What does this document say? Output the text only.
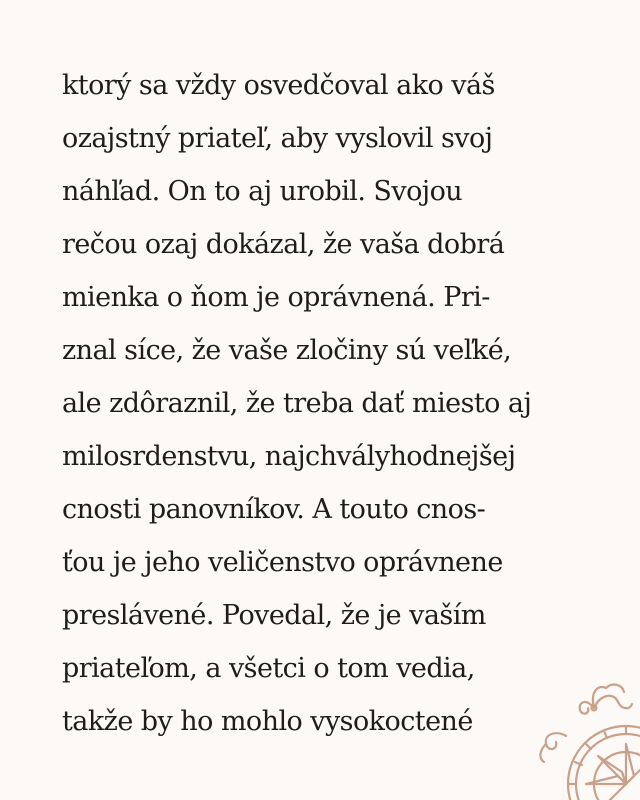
ktorý sa vždy osvedčoval ako váš
ozajstný priateľ, aby vyslovil svoj
náhľad. On to aj urobil. Svojou
rečou ozaj dokázal, že vaša dobrá
mienka o ňom je oprávnená. Pri-
znal síce, že vaše zločiny sú veľké,
ale zdôraznil, že treba dať miesto aj
milosrdenstvu, najchvályhodnejšej
cnosti panovníkov. A touto cnos-
ťou je jeho veličenstvo oprávnene
preslávené. Povedal, že je vaším
priateľom, a všetci o tom vedia,
takže by ho mohlo vysokoctené
